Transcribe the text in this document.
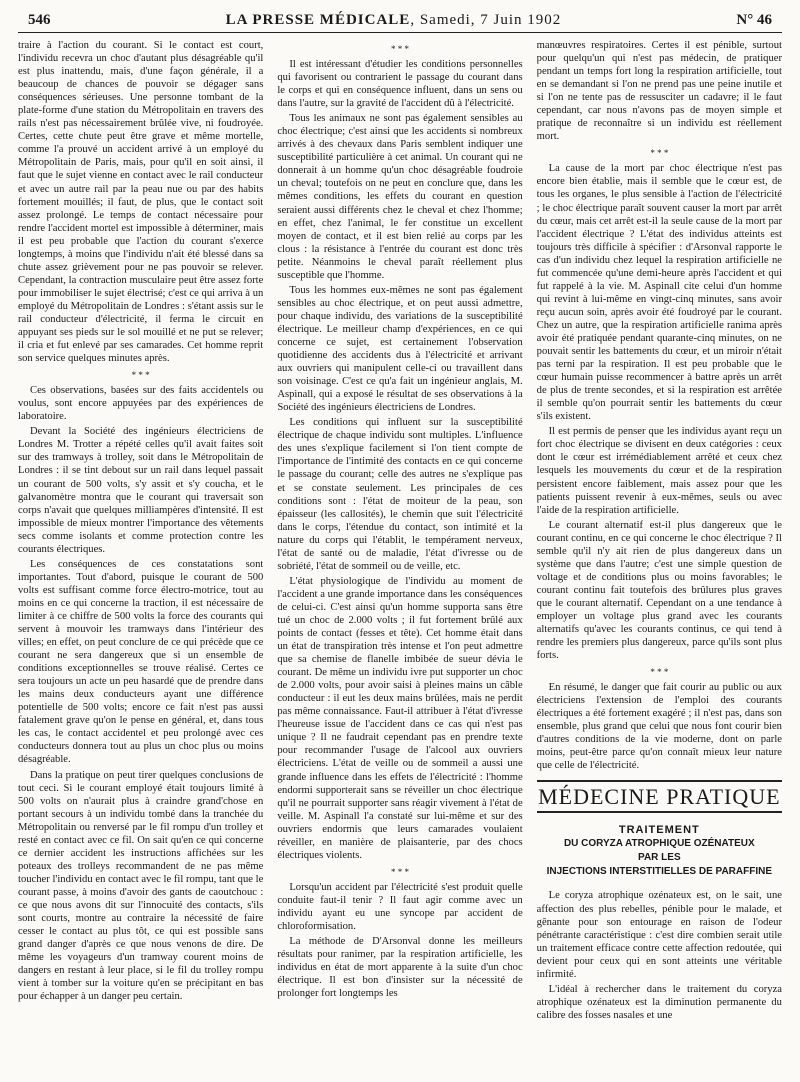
546	LA PRESSE MÉDICALE, Samedi, 7 Juin 1902	N° 46

traire à l'action du courant. Si le contact est court, l'individu recevra un choc d'autant plus désagréable qu'il est plus inattendu, mais, d'une façon générale, il a beaucoup de chances de pouvoir se dégager sans conséquences sérieuses. Une personne tombant de la plate-forme d'une station du Métropolitain en travers des rails n'est pas nécessairement brûlée vive, ni foudroyée. Certes, cette chute peut être grave et même mortelle, comme l'a prouvé un accident arrivé à un employé du Métropolitain de Paris, mais, pour qu'il en soit ainsi, il faut que le sujet vienne en contact avec le rail conducteur et avec un autre rail par la peau nue ou par des habits fortement mouillés; il faut, de plus, que le contact soit assez prolongé. Le temps de contact nécessaire pour rendre l'accident mortel est impossible à déterminer, mais il est peu probable que l'action du courant s'exerce longtemps, à moins que l'individu n'ait été blessé dans sa chute assez grièvement pour ne pas pouvoir se relever. Cependant, la contraction musculaire peut être assez forte pour immobiliser le sujet électrisé; c'est ce qui arriva à un employé du Métropolitain de Londres : s'étant assis sur le rail conducteur d'électricité, il ferma le circuit en appuyant ses pieds sur le sol mouillé et ne put se relever; il cria et fut enlevé par ses camarades. Cet homme reprit son service quelques minutes après.

* * *

Ces observations, basées sur des faits accidentels ou voulus, sont encore appuyées par des expériences de laboratoire.

Devant la Société des ingénieurs électriciens de Londres M. Trotter a répété celles qu'il avait faites soit sur des tramways à trolley, soit dans le Métropolitain de Londres : il se tint debout sur un rail dans lequel passait un courant de 500 volts, s'y assit et s'y coucha, et le galvanomètre montra que le courant qui traversait son corps n'avait que quelques milliampères d'intensité. Il est impossible de mieux montrer l'importance des vêtements secs comme isolants et comme protection contre les courants électriques.

Les conséquences de ces constatations sont importantes. Tout d'abord, puisque le courant de 500 volts est suffisant comme force électro-motrice, tout au moins en ce qui concerne la traction, il est nécessaire de limiter à ce chiffre de 500 volts la force des courants qui servent à mouvoir les tramways dans l'intérieur des villes; en effet, on peut conclure de ce qui précède que ce courant ne sera dangereux que si un ensemble de conditions exceptionnelles se trouve réalisé. Certes ce sera toujours un acte un peu hasardé que de prendre dans les mains deux conducteurs ayant une différence potentielle de 500 volts; encore ce fait n'est pas aussi fatalement grave qu'on le pense en général, et, dans tous les cas, le contact accidentel et peu prolongé avec ces conducteurs donnera tout au plus un choc plus ou moins désagréable.

Dans la pratique on peut tirer quelques conclusions de tout ceci. Si le courant employé était toujours limité à 500 volts on n'aurait plus à craindre grand'chose en portant secours à un individu tombé dans la tranchée du Métropolitain ou renversé par le fil rompu d'un trolley et resté en contact avec ce fil. On sait qu'en ce qui concerne ce dernier accident les instructions affichées sur les poteaux des trolleys recommandent de ne pas même toucher l'individu en contact avec le fil rompu, tant que le courant passe, à moins d'avoir des gants de caoutchouc : ce que nous avons dit sur l'innocuité des contacts, s'ils sont courts, montre au contraire la nécessité de faire cesser le contact au plus tôt, ce qui est possible sans grand danger d'après ce que nous venons de dire. De même les voyageurs d'un tramway courent moins de dangers en restant à leur place, si le fil du trolley rompu vient à tomber sur la voiture qu'en se précipitant en bas pour échapper à un danger peu certain.

* * *

Il est intéressant d'étudier les conditions personnelles qui favorisent ou contrarient le passage du courant dans le corps et qui en conséquence influent, dans un sens ou dans l'autre, sur la gravité de l'accident dû à l'électricité.

Tous les animaux ne sont pas également sensibles au choc électrique; c'est ainsi que les accidents si nombreux arrivés à des chevaux dans Paris semblent indiquer une susceptibilité particulière à cet animal. Un courant qui ne donnerait à un homme qu'un choc désagréable foudroie un cheval; toutefois on ne peut en conclure que, dans les mêmes conditions, les effets du courant en question seraient aussi différents chez le cheval et chez l'homme; en effet, chez l'animal, le fer constitue un excellent moyen de contact, et il est bien relié au corps par les clous : la résistance à l'entrée du courant est donc très petite. Néanmoins le cheval paraît réellement plus susceptible que l'homme.

Tous les hommes eux-mêmes ne sont pas également sensibles au choc électrique, et on peut aussi admettre, pour chaque individu, des variations de la susceptibilité électrique. Le meilleur champ d'expériences, en ce qui concerne ce sujet, est certainement l'observation quotidienne des accidents dus à l'électricité et arrivant aux ouvriers qui manipulent celle-ci ou travaillent dans son voisinage. C'est ce qu'a fait un ingénieur anglais, M. Aspinall, qui a exposé le résultat de ses observations à la Société des ingénieurs électriciens de Londres.

Les conditions qui influent sur la susceptibilité électrique de chaque individu sont multiples. L'influence des unes s'explique facilement si l'on tient compte de l'importance de l'intimité des contacts en ce qui concerne le passage du courant; celle des autres ne s'explique pas et se constate seulement. Les principales de ces conditions sont : l'état de moiteur de la peau, son épaisseur (les callosités), le chemin que suit l'électricité dans le corps, l'étendue du contact, son intimité et la nature du corps qui l'établit, le tempérament nerveux, l'état de santé ou de maladie, l'état d'ivresse ou de sobriété, l'état de sommeil ou de veille, etc.

L'état physiologique de l'individu au moment de l'accident a une grande importance dans les conséquences de celui-ci. C'est ainsi qu'un homme supporta sans être tué un choc de 2.000 volts ; il fut fortement brûlé aux points de contact (fesses et tête). Cet homme était dans un état de transpiration très intense et l'on peut admettre que sa chemise de flanelle imbibée de sueur dévia le courant. De même un individu ivre put supporter un choc de 2.000 volts, pour avoir saisi à pleines mains un câble conducteur : il eut les deux mains brûlées, mais ne perdit pas même connaissance. Faut-il attribuer à l'état d'ivresse l'heureuse issue de l'accident dans ce cas qui n'est pas unique ? Il ne faudrait cependant pas en prendre texte pour recommander l'usage de l'alcool aux ouvriers électriciens. L'état de veille ou de sommeil a aussi une grande influence dans les effets de l'électricité : l'homme endormi supporterait sans se réveiller un choc électrique qu'il ne pourrait supporter sans réagir vivement à l'état de veille. M. Aspinall l'a constaté sur lui-même et sur des ouvriers endormis que leurs camarades voulaient réveiller, en manière de plaisanterie, par des chocs électriques violents.

* * *

Lorsqu'un accident par l'électricité s'est produit quelle conduite faut-il tenir ? Il faut agir comme avec un individu ayant eu une syncope par accident de chloroformisation.

La méthode de D'Arsonval donne les meilleurs résultats pour ranimer, par la respiration artificielle, les individus en état de mort apparente à la suite d'un choc électrique. Il est bon d'insister sur la nécessité de prolonger fort longtemps les

manœuvres respiratoires. Certes il est pénible, surtout pour quelqu'un qui n'est pas médecin, de pratiquer pendant un temps fort long la respiration artificielle, tout en se demandant si l'on ne prend pas une peine inutile et si l'on ne tente pas de ressusciter un cadavre; il le faut cependant, car nous n'avons pas de moyen simple et pratique de reconnaître si un individu est réellement mort.

* * *

La cause de la mort par choc électrique n'est pas encore bien établie, mais il semble que le cœur est, de tous les organes, le plus sensible à l'action de l'électricité ; le choc électrique paraît souvent causer la mort par arrêt du cœur, mais cet arrêt est-il la seule cause de la mort par l'accident électrique ? L'état des individus atteints est toujours très difficile à spécifier : d'Arsonval rapporte le cas d'un individu chez lequel la respiration artificielle ne fut commencée qu'une demi-heure après l'accident et qui fut rappelé à la vie. M. Aspinall cite celui d'un homme qui revint à lui-même en vingt-cinq minutes, sans avoir reçu aucun soin, après avoir été foudroyé par le courant. Chez un autre, que la respiration artificielle ranima après avoir été pratiquée pendant quarante-cinq minutes, on ne pouvait sentir les battements du cœur, et un miroir n'était pas terni par la respiration. Il est peu probable que le cœur humain puisse recommencer à battre après un arrêt de plus de trente secondes, et si la respiration est arrêtée il semble qu'on pourrait sentir les battements du cœur s'ils existent.

Il est permis de penser que les individus ayant reçu un fort choc électrique se divisent en deux catégories : ceux dont le cœur est irrémédiablement arrêté et ceux chez lesquels les mouvements du cœur et de la respiration persistent encore faiblement, mais assez pour que les patients puissent revenir à eux-mêmes, seuls ou avec l'aide de la respiration artificielle.

Le courant alternatif est-il plus dangereux que le courant continu, en ce qui concerne le choc électrique ? Il semble qu'il n'y ait rien de plus dangereux dans un système que dans l'autre; c'est une simple question de voltage et de conditions plus ou moins favorables; le courant continu fait toutefois des brûlures plus graves que le courant alternatif. Cependant on a une tendance à employer un voltage plus grand avec les courants alternatifs qu'avec les courants continus, ce qui tend à rendre les premiers plus dangereux, parce qu'ils sont plus forts.

* * *

En résumé, le danger que fait courir au public ou aux électriciens l'extension de l'emploi des courants électriques a été fortement exagéré ; il n'est pas, dans son ensemble, plus grand que celui que nous font courir bien d'autres conditions de la vie moderne, dont on parle moins, peut-être parce qu'on connaît mieux leur nature que celle de l'électricité.

MÉDECINE PRATIQUE
TRAITEMENT
DU CORYZA ATROPHIQUE OZÉNATEUX
PAR LES
INJECTIONS INTERSTITIELLES DE PARAFFINE

Le coryza atrophique ozénateux est, on le sait, une affection des plus rebelles, pénible pour le malade, et gênante pour son entourage en raison de l'odeur pénétrante caractéristique : c'est dire combien serait utile un traitement efficace contre cette affection redoutée, qui devient pour ceux qui en sont atteints une véritable infirmité.

L'idéal à rechercher dans le traitement du coryza atrophique ozénateux est la diminution permanente du calibre des fosses nasales et une
